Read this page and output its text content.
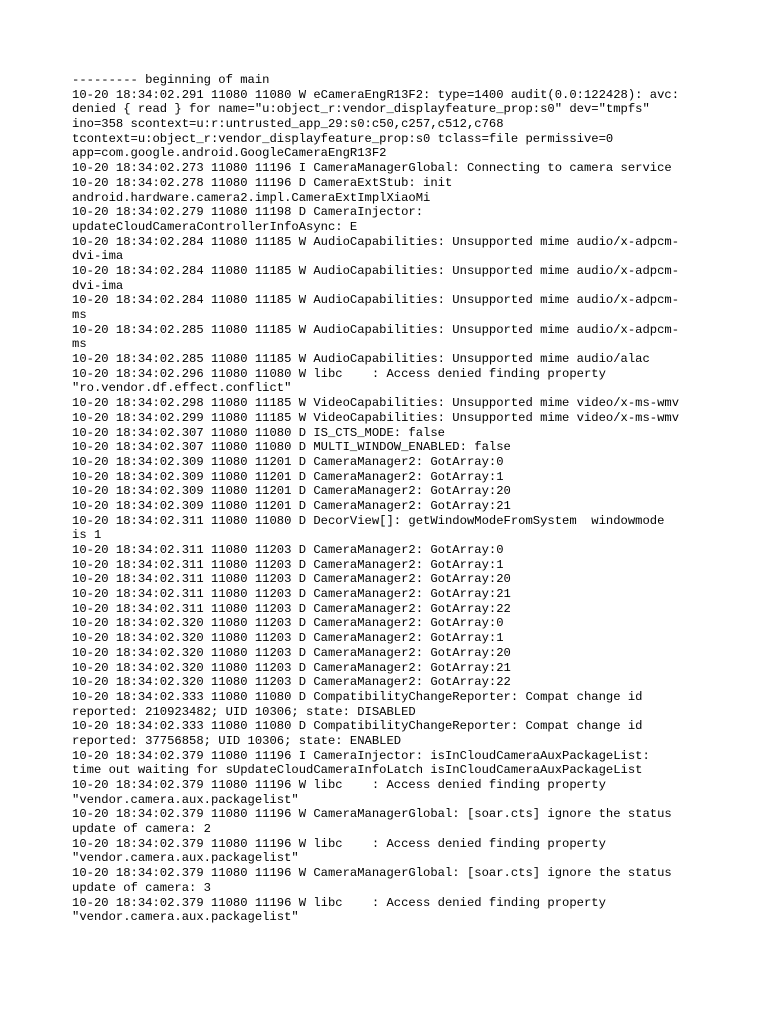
--------- beginning of main
10-20 18:34:02.291 11080 11080 W eCameraEngR13F2: type=1400 audit(0.0:122428): avc:
denied { read } for name="u:object_r:vendor_displayfeature_prop:s0" dev="tmpfs"
ino=358 scontext=u:r:untrusted_app_29:s0:c50,c257,c512,c768
tcontext=u:object_r:vendor_displayfeature_prop:s0 tclass=file permissive=0
app=com.google.android.GoogleCameraEngR13F2
10-20 18:34:02.273 11080 11196 I CameraManagerGlobal: Connecting to camera service
10-20 18:34:02.278 11080 11196 D CameraExtStub: init
android.hardware.camera2.impl.CameraExtImplXiaoMi
10-20 18:34:02.279 11080 11198 D CameraInjector:
updateCloudCameraControllerInfoAsync: E
10-20 18:34:02.284 11080 11185 W AudioCapabilities: Unsupported mime audio/x-adpcm-
dvi-ima
10-20 18:34:02.284 11080 11185 W AudioCapabilities: Unsupported mime audio/x-adpcm-
dvi-ima
10-20 18:34:02.284 11080 11185 W AudioCapabilities: Unsupported mime audio/x-adpcm-
ms
10-20 18:34:02.285 11080 11185 W AudioCapabilities: Unsupported mime audio/x-adpcm-
ms
10-20 18:34:02.285 11080 11185 W AudioCapabilities: Unsupported mime audio/alac
10-20 18:34:02.296 11080 11080 W libc    : Access denied finding property
"ro.vendor.df.effect.conflict"
10-20 18:34:02.298 11080 11185 W VideoCapabilities: Unsupported mime video/x-ms-wmv
10-20 18:34:02.299 11080 11185 W VideoCapabilities: Unsupported mime video/x-ms-wmv
10-20 18:34:02.307 11080 11080 D IS_CTS_MODE: false
10-20 18:34:02.307 11080 11080 D MULTI_WINDOW_ENABLED: false
10-20 18:34:02.309 11080 11201 D CameraManager2: GotArray:0
10-20 18:34:02.309 11080 11201 D CameraManager2: GotArray:1
10-20 18:34:02.309 11080 11201 D CameraManager2: GotArray:20
10-20 18:34:02.309 11080 11201 D CameraManager2: GotArray:21
10-20 18:34:02.311 11080 11080 D DecorView[]: getWindowModeFromSystem  windowmode
is 1
10-20 18:34:02.311 11080 11203 D CameraManager2: GotArray:0
10-20 18:34:02.311 11080 11203 D CameraManager2: GotArray:1
10-20 18:34:02.311 11080 11203 D CameraManager2: GotArray:20
10-20 18:34:02.311 11080 11203 D CameraManager2: GotArray:21
10-20 18:34:02.311 11080 11203 D CameraManager2: GotArray:22
10-20 18:34:02.320 11080 11203 D CameraManager2: GotArray:0
10-20 18:34:02.320 11080 11203 D CameraManager2: GotArray:1
10-20 18:34:02.320 11080 11203 D CameraManager2: GotArray:20
10-20 18:34:02.320 11080 11203 D CameraManager2: GotArray:21
10-20 18:34:02.320 11080 11203 D CameraManager2: GotArray:22
10-20 18:34:02.333 11080 11080 D CompatibilityChangeReporter: Compat change id
reported: 210923482; UID 10306; state: DISABLED
10-20 18:34:02.333 11080 11080 D CompatibilityChangeReporter: Compat change id
reported: 37756858; UID 10306; state: ENABLED
10-20 18:34:02.379 11080 11196 I CameraInjector: isInCloudCameraAuxPackageList:
time out waiting for sUpdateCloudCameraInfoLatch isInCloudCameraAuxPackageList
10-20 18:34:02.379 11080 11196 W libc    : Access denied finding property
"vendor.camera.aux.packagelist"
10-20 18:34:02.379 11080 11196 W CameraManagerGlobal: [soar.cts] ignore the status
update of camera: 2
10-20 18:34:02.379 11080 11196 W libc    : Access denied finding property
"vendor.camera.aux.packagelist"
10-20 18:34:02.379 11080 11196 W CameraManagerGlobal: [soar.cts] ignore the status
update of camera: 3
10-20 18:34:02.379 11080 11196 W libc    : Access denied finding property
"vendor.camera.aux.packagelist"
